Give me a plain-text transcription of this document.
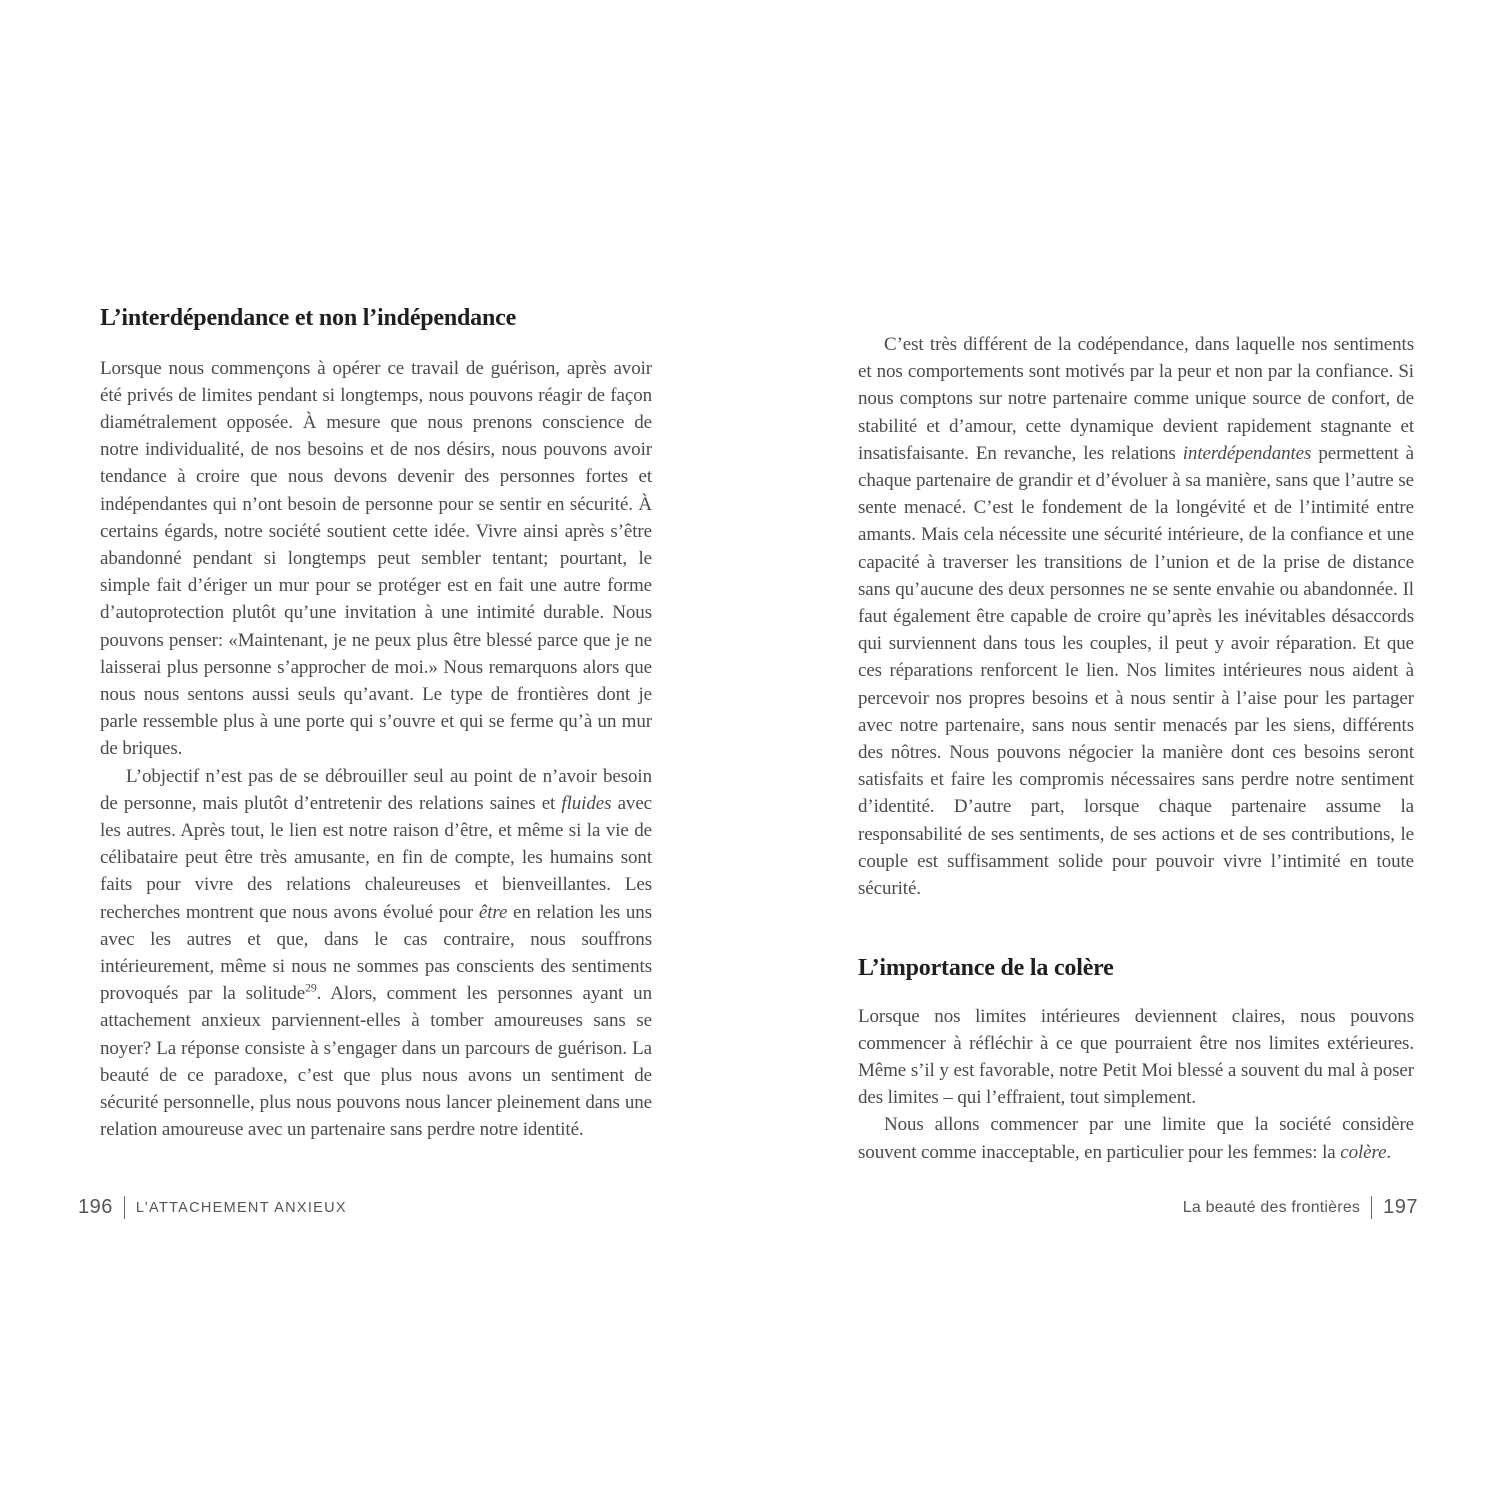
L’interdépendance et non l’indépendance

Lorsque nous commençons à opérer ce travail de guérison, après avoir été privés de limites pendant si longtemps, nous pouvons réagir de façon diamétralement opposée. À mesure que nous prenons conscience de notre individualité, de nos besoins et de nos désirs, nous pouvons avoir tendance à croire que nous devons devenir des personnes fortes et indépendantes qui n’ont besoin de personne pour se sentir en sécurité. À certains égards, notre société soutient cette idée. Vivre ainsi après s’être abandonné pendant si longtemps peut sembler tentant; pourtant, le simple fait d’ériger un mur pour se protéger est en fait une autre forme d’autoprotection plutôt qu’une invitation à une intimité durable. Nous pouvons penser: «Maintenant, je ne peux plus être blessé parce que je ne laisserai plus personne s’approcher de moi.» Nous remarquons alors que nous nous sentons aussi seuls qu’avant. Le type de frontières dont je parle ressemble plus à une porte qui s’ouvre et qui se ferme qu’à un mur de briques.

L’objectif n’est pas de se débrouiller seul au point de n’avoir besoin de personne, mais plutôt d’entretenir des relations saines et fluides avec les autres. Après tout, le lien est notre raison d’être, et même si la vie de célibataire peut être très amusante, en fin de compte, les humains sont faits pour vivre des relations chaleureuses et bienveillantes. Les recherches montrent que nous avons évolué pour être en relation les uns avec les autres et que, dans le cas contraire, nous souffrons intérieurement, même si nous ne sommes pas conscients des sentiments provoqués par la solitude$^{29}$. Alors, comment les personnes ayant un attachement anxieux parviennent-elles à tomber amoureuses sans se noyer? La réponse consiste à s’engager dans un parcours de guérison. La beauté de ce paradoxe, c’est que plus nous avons un sentiment de sécurité personnelle, plus nous pouvons nous lancer pleinement dans une relation amoureuse avec un partenaire sans perdre notre identité.

C’est très différent de la codépendance, dans laquelle nos sentiments et nos comportements sont motivés par la peur et non par la confiance. Si nous comptons sur notre partenaire comme unique source de confort, de stabilité et d’amour, cette dynamique devient rapidement stagnante et insatisfaisante. En revanche, les relations interdépendantes permettent à chaque partenaire de grandir et d’évoluer à sa manière, sans que l’autre se sente menacé. C’est le fondement de la longévité et de l’intimité entre amants. Mais cela nécessite une sécurité intérieure, de la confiance et une capacité à traverser les transitions de l’union et de la prise de distance sans qu’aucune des deux personnes ne se sente envahie ou abandonnée. Il faut également être capable de croire qu’après les inévitables désaccords qui surviennent dans tous les couples, il peut y avoir réparation. Et que ces réparations renforcent le lien. Nos limites intérieures nous aident à percevoir nos propres besoins et à nous sentir à l’aise pour les partager avec notre partenaire, sans nous sentir menacés par les siens, différents des nôtres. Nous pouvons négocier la manière dont ces besoins seront satisfaits et faire les compromis nécessaires sans perdre notre sentiment d’identité. D’autre part, lorsque chaque partenaire assume la responsabilité de ses sentiments, de ses actions et de ses contributions, le couple est suffisamment solide pour pouvoir vivre l’intimité en toute sécurité.

L’importance de la colère

Lorsque nos limites intérieures deviennent claires, nous pouvons commencer à réfléchir à ce que pourraient être nos limites extérieures. Même s’il y est favorable, notre Petit Moi blessé a souvent du mal à poser des limites – qui l’effraient, tout simplement.

Nous allons commencer par une limite que la société considère souvent comme inacceptable, en particulier pour les femmes: la colère.

196 L’ATTACHEMENT ANXIEUX	La beauté des frontières 197
